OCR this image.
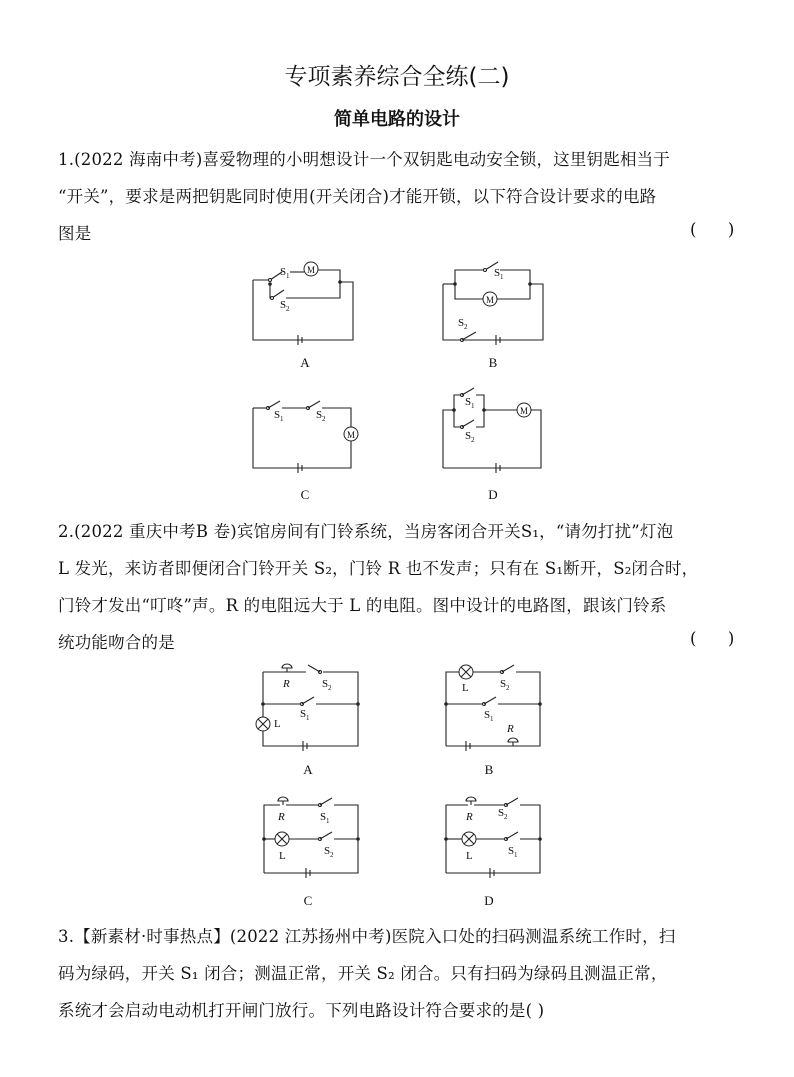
专项素养综合全练(二)
简单电路的设计
1.(2022 海南中考)喜爱物理的小明想设计一个双钥匙电动安全锁，这里钥匙相当于
“开关”，要求是两把钥匙同时使用(开关闭合)才能开锁，以下符合设计要求的电路
图是	(      )
S 1
M
S 2
A
S 1
M
S 2
B
S 1	S 2
M
C
S 1
S 2
M
D
2.(2022 重庆中考B 卷)宾馆房间有门铃系统，当房客闭合开关S₁，“请勿打扰”灯泡
L 发光，来访者即便闭合门铃开关 S₂，门铃 R 也不发声；只有在 S₁断开，S₂闭合时，
门铃才发出“叮咚”声。R 的电阻远大于 L 的电阻。图中设计的电路图，跟该门铃系
统功能吻合的是	(      )
R	S 2
S 1
L
A
L	S 2
S 1
R
B
R	S 1
L	S 2
C
R S 2
L	S 1
D
3.【新素材·时事热点】(2022 江苏扬州中考)医院入口处的扫码测温系统工作时，扫
码为绿码，开关 S₁ 闭合；测温正常，开关 S₂ 闭合。只有扫码为绿码且测温正常，
系统才会启动电动机打开闸门放行。下列电路设计符合要求的是( )
